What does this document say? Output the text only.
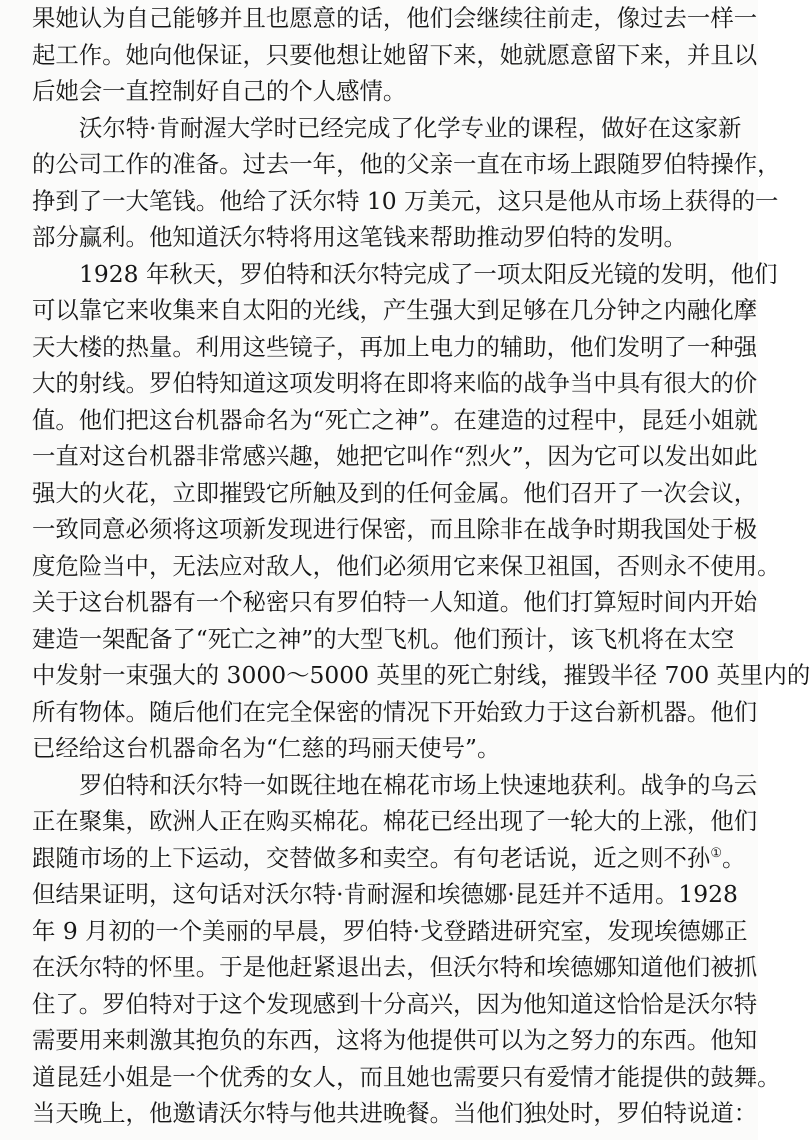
果她认为自己能够并且也愿意的话，他们会继续往前走，像过去一样一
起工作。她向他保证，只要他想让她留下来，她就愿意留下来，并且以
后她会一直控制好自己的个人感情。
沃尔特·肯耐渥大学时已经完成了化学专业的课程，做好在这家新
的公司工作的准备。过去一年，他的父亲一直在市场上跟随罗伯特操作，
挣到了一大笔钱。他给了沃尔特 10 万美元，这只是他从市场上获得的一
部分赢利。他知道沃尔特将用这笔钱来帮助推动罗伯特的发明。
1928 年秋天，罗伯特和沃尔特完成了一项太阳反光镜的发明，他们
可以靠它来收集来自太阳的光线，产生强大到足够在几分钟之内融化摩
天大楼的热量。利用这些镜子，再加上电力的辅助，他们发明了一种强
大的射线。罗伯特知道这项发明将在即将来临的战争当中具有很大的价
值。他们把这台机器命名为“死亡之神”。在建造的过程中，昆廷小姐就
一直对这台机器非常感兴趣，她把它叫作“烈火”，因为它可以发出如此
强大的火花，立即摧毁它所触及到的任何金属。他们召开了一次会议，
一致同意必须将这项新发现进行保密，而且除非在战争时期我国处于极
度危险当中，无法应对敌人，他们必须用它来保卫祖国，否则永不使用。
关于这台机器有一个秘密只有罗伯特一人知道。他们打算短时间内开始
建造一架配备了“死亡之神”的大型飞机。他们预计，该飞机将在太空
中发射一束强大的 3000～5000 英里的死亡射线，摧毁半径 700 英里内的
所有物体。随后他们在完全保密的情况下开始致力于这台新机器。他们
已经给这台机器命名为“仁慈的玛丽天使号”。
罗伯特和沃尔特一如既往地在棉花市场上快速地获利。战争的乌云
正在聚集，欧洲人正在购买棉花。棉花已经出现了一轮大的上涨，他们
跟随市场的上下运动，交替做多和卖空。有句老话说，近之则不孙①。
但结果证明，这句话对沃尔特·肯耐渥和埃德娜·昆廷并不适用。1928
年 9 月初的一个美丽的早晨，罗伯特·戈登踏进研究室，发现埃德娜正
在沃尔特的怀里。于是他赶紧退出去，但沃尔特和埃德娜知道他们被抓
住了。罗伯特对于这个发现感到十分高兴，因为他知道这恰恰是沃尔特
需要用来刺激其抱负的东西，这将为他提供可以为之努力的东西。他知
道昆廷小姐是一个优秀的女人，而且她也需要只有爱情才能提供的鼓舞。
当天晚上，他邀请沃尔特与他共进晚餐。当他们独处时，罗伯特说道：
